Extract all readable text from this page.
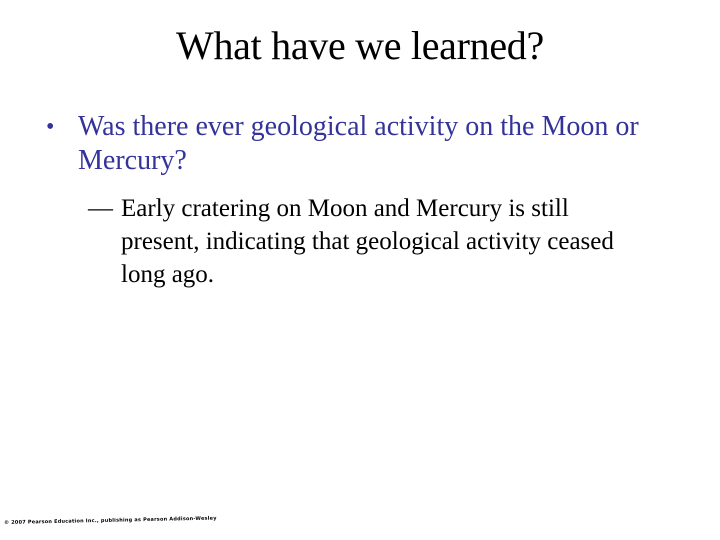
What have we learned?
• Was there ever geological activity on the Moon or Mercury?
— Early cratering on Moon and Mercury is still present, indicating that geological activity ceased long ago.
© 2007 Pearson Education Inc., publishing as Pearson Addison-Wesley
